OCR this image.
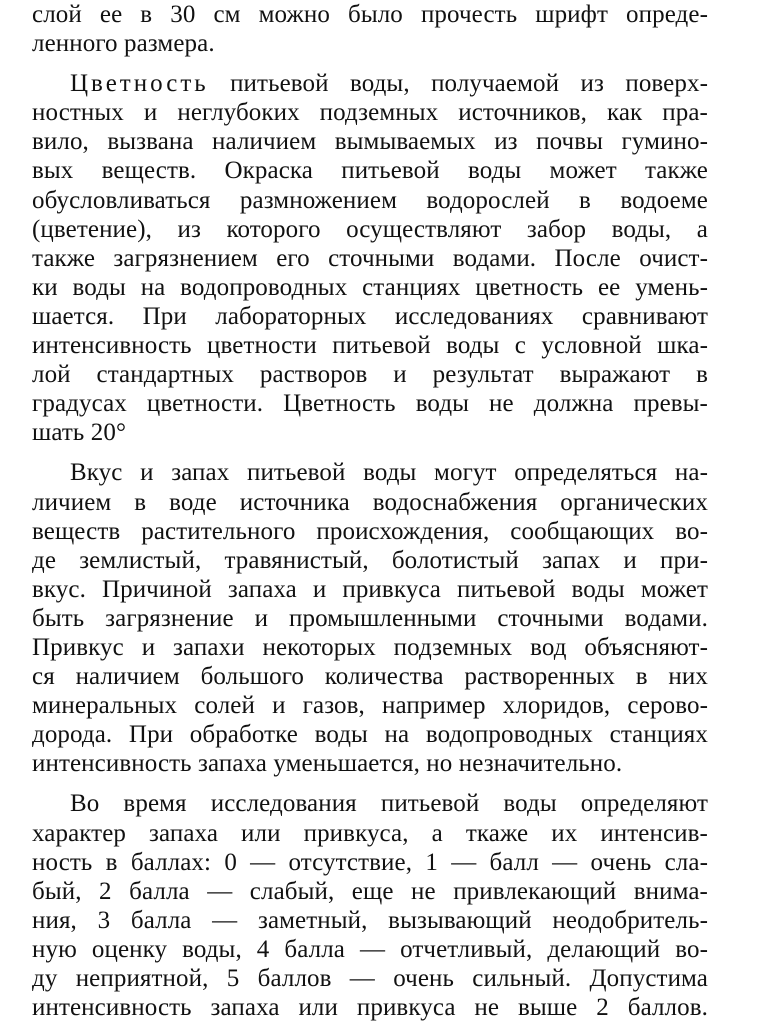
слой ее в 30 см можно было прочесть шрифт опреде-
ленного размера.
Цветность питьевой воды, получаемой из поверх-
ностных и неглубоких подземных источников, как пра-
вило, вызвана наличием вымываемых из почвы гумино-
вых веществ. Окраска питьевой воды может также
обусловливаться размножением водорослей в водоеме
(цветение), из которого осуществляют забор воды, а
также загрязнением его сточными водами. После очист-
ки воды на водопроводных станциях цветность ее умень-
шается. При лабораторных исследованиях сравнивают
интенсивность цветности питьевой воды с условной шка-
лой стандартных растворов и результат выражают в
градусах цветности. Цветность воды не должна превы-
шать 20°
Вкус и запах питьевой воды могут определяться на-
личием в воде источника водоснабжения органических
веществ растительного происхождения, сообщающих во-
де землистый, травянистый, болотистый запах и при-
вкус. Причиной запаха и привкуса питьевой воды может
быть загрязнение и промышленными сточными водами.
Привкус и запахи некоторых подземных вод объясняют-
ся наличием большого количества растворенных в них
минеральных солей и газов, например хлоридов, серово-
дорода. При обработке воды на водопроводных станциях
интенсивность запаха уменьшается, но незначительно.
Во время исследования питьевой воды определяют
характер запаха или привкуса, а ткаже их интенсив-
ность в баллах: 0 — отсутствие, 1 — балл — очень сла-
бый, 2 балла — слабый, еще не привлекающий внима-
ния, 3 балла — заметный, вызывающий неодобритель-
ную оценку воды, 4 балла — отчетливый, делающий во-
ду неприятной, 5 баллов — очень сильный. Допустима
интенсивность запаха или привкуса не выше 2 баллов.
